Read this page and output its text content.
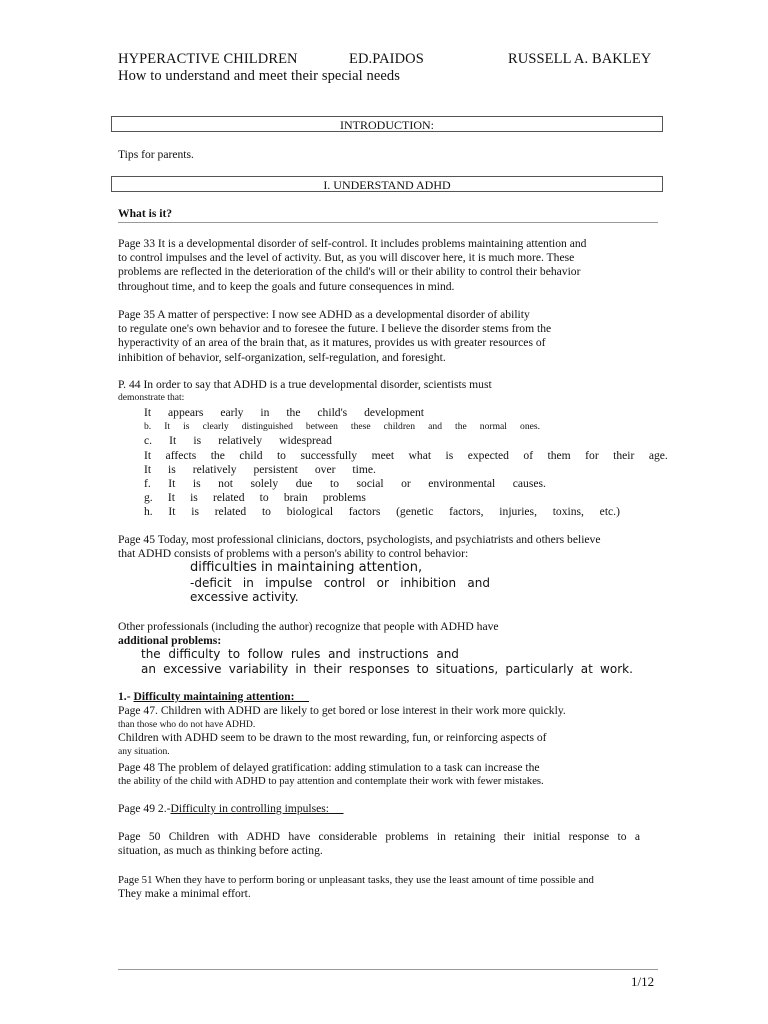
HYPERACTIVE CHILDREN	ED.PAIDOS	RUSSELL A. BAKLEY
How to understand and meet their special needs
INTRODUCTION:
Tips for parents.
I. UNDERSTAND ADHD
What is it?
Page 33 It is a developmental disorder of self-control. It includes problems maintaining attention and
to control impulses and the level of activity. But, as you will discover here, it is much more. These
problems are reflected in the deterioration of the child's will or their ability to control their behavior
throughout time, and to keep the goals and future consequences in mind.
Page 35 A matter of perspective: I now see ADHD as a developmental disorder of ability
to regulate one's own behavior and to foresee the future. I believe the disorder stems from the
hyperactivity of an area of the brain that, as it matures, provides us with greater resources of
inhibition of behavior, self-organization, self-regulation, and foresight.
P. 44 In order to say that ADHD is a true developmental disorder, scientists must
demonstrate that:
It appears early in the child's development
b. It is clearly distinguished between these children and the normal ones.
c. It is relatively widespread
It affects the child to successfully meet what is expected of them for their age.
It is relatively persistent over time.
f. It is not solely due to social or environmental causes.
g. It is related to brain problems
h. It is related to biological factors (genetic factors, injuries, toxins, etc.)
Page 45 Today, most professional clinicians, doctors, psychologists, and psychiatrists and others believe
that ADHD consists of problems with a person's ability to control behavior:
difficulties in maintaining attention,
-deficit in impulse control or inhibition and
excessive activity.
Other professionals (including the author) recognize that people with ADHD have
additional problems:
the difficulty to follow rules and instructions and
an excessive variability in their responses to situations, particularly at work.
1.- Difficulty maintaining attention:
Page 47. Children with ADHD are likely to get bored or lose interest in their work more quickly.
than those who do not have ADHD.
Children with ADHD seem to be drawn to the most rewarding, fun, or reinforcing aspects of
any situation.
Page 48 The problem of delayed gratification: adding stimulation to a task can increase the
the ability of the child with ADHD to pay attention and contemplate their work with fewer mistakes.
Page 49 2.-Difficulty in controlling impulses:
Page 50 Children with ADHD have considerable problems in retaining their initial response to a
situation, as much as thinking before acting.
Page 51 When they have to perform boring or unpleasant tasks, they use the least amount of time possible and
They make a minimal effort.
1/12
